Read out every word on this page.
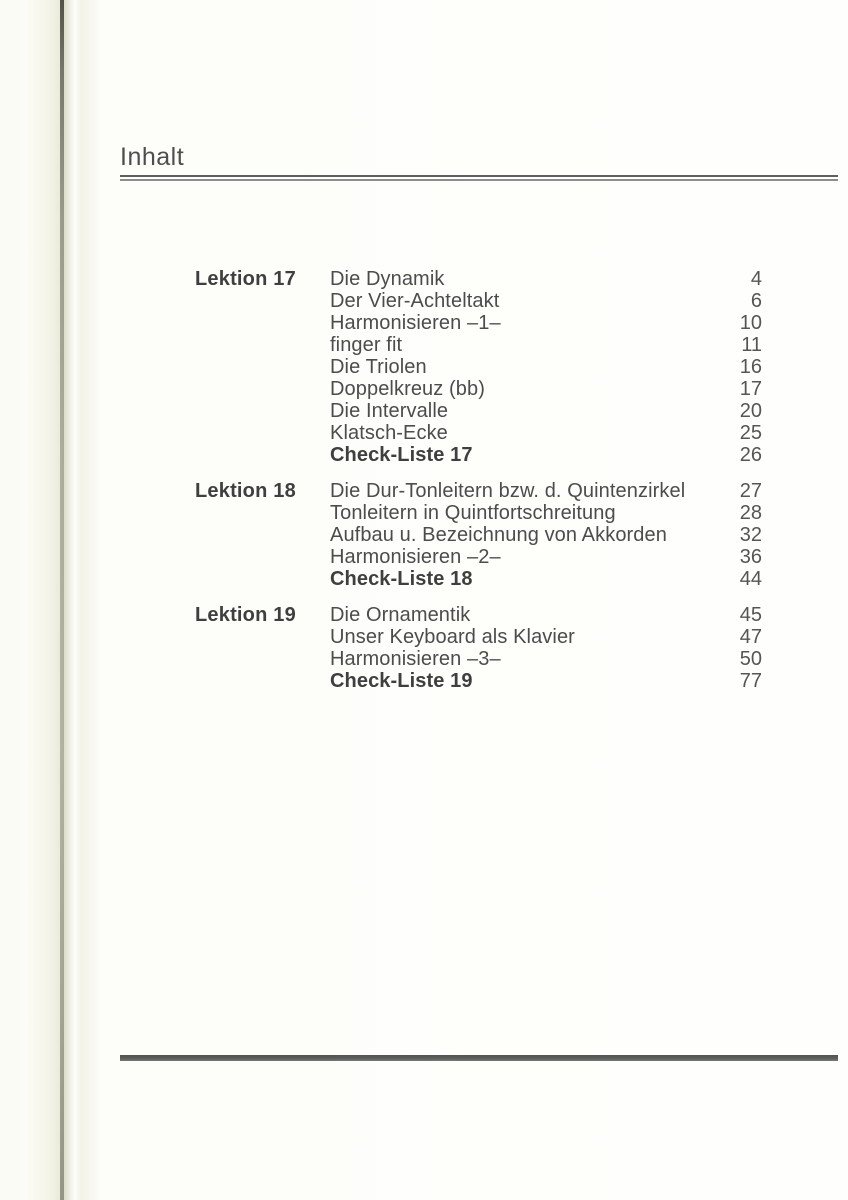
Inhalt
Lektion 17	Die Dynamik	4
Der Vier-Achteltakt	6
Harmonisieren –1–	10
finger fit	11
Die Triolen	16
Doppelkreuz (bb)	17
Die Intervalle	20
Klatsch-Ecke	25
Check-Liste 17	26
Lektion 18	Die Dur-Tonleitern bzw. d. Quintenzirkel	27
Tonleitern in Quintfortschreitung	28
Aufbau u. Bezeichnung von Akkorden	32
Harmonisieren –2–	36
Check-Liste 18	44
Lektion 19	Die Ornamentik	45
Unser Keyboard als Klavier	47
Harmonisieren –3–	50
Check-Liste 19	77
